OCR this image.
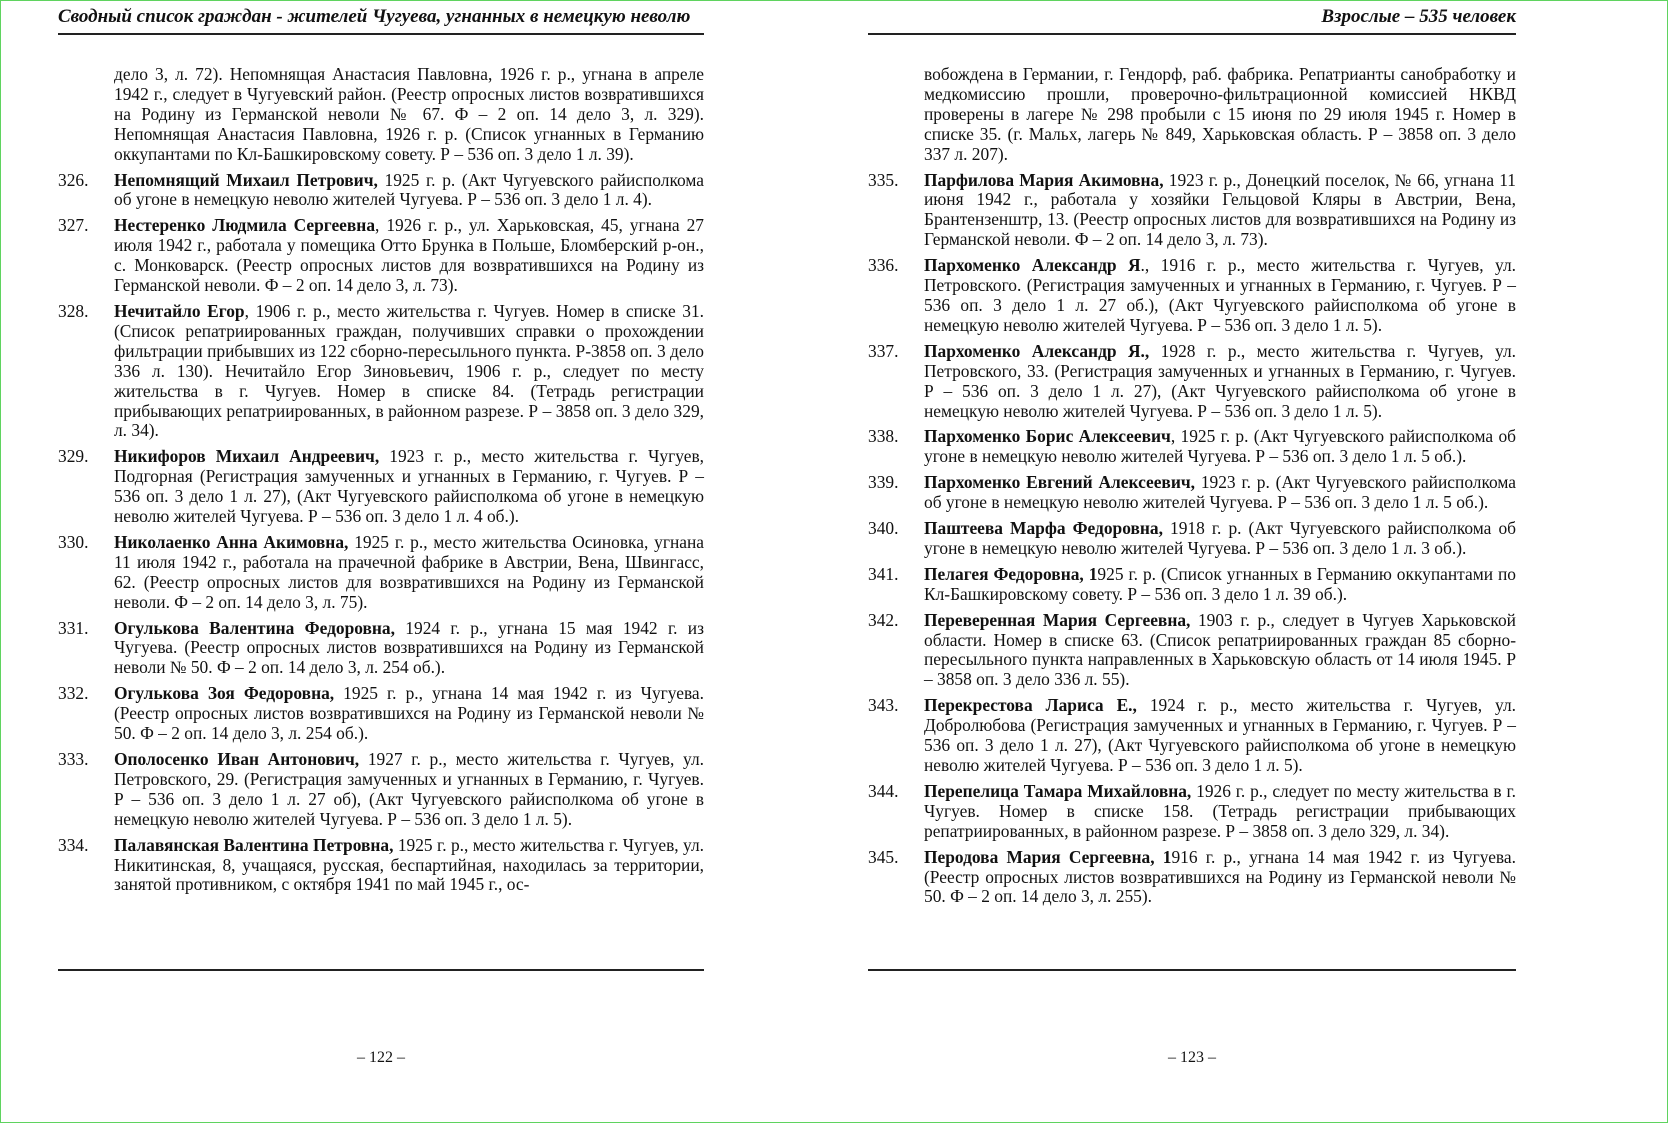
Сводный список граждан - жителей Чугуева, угнанных в немецкую неволю
дело 3, л. 72). Непомнящая Анастасия Павловна, 1926 г. р., угнана в апреле 1942 г., следует в Чугуевский район. (Реестр опросных листов возвратившихся на Родину из Германской неволи № 67. Ф – 2 оп. 14 дело 3, л. 329). Непомнящая Анастасия Павловна, 1926 г. р. (Список угнанных в Германию оккупантами по Кл-Башкировскому совету. Р – 536 оп. 3 дело 1 л. 39).
326.	Непомнящий Михаил Петрович, 1925 г. р. (Акт Чугуевского райисполкома об угоне в немецкую неволю жителей Чугуева. Р – 536 оп. 3 дело 1 л. 4).
327.	Нестеренко Людмила Сергеевна, 1926 г. р., ул. Харьковская, 45, угнана 27 июля 1942 г., работала у помещика Отто Брунка в Польше, Бломберский р-он., с. Монковарск. (Реестр опросных листов для возвратившихся на Родину из Германской неволи. Ф – 2 оп. 14 дело 3, л. 73).
328.	Нечитайло Егор, 1906 г. р., место жительства г. Чугуев. Номер в списке 31. (Список репатриированных граждан, получивших справки о прохождении фильтрации прибывших из 122 сборно-пересыльного пункта. Р-3858 оп. 3 дело 336 л. 130). Нечитайло Егор Зиновьевич, 1906 г. р., следует по месту жительства в г. Чугуев. Номер в списке 84. (Тетрадь регистрации прибывающих репатриированных, в районном разрезе. Р – 3858 оп. 3 дело 329, л. 34).
329.	Никифоров Михаил Андреевич, 1923 г. р., место жительства г. Чугуев, Подгорная (Регистрация замученных и угнанных в Германию, г. Чугуев. Р – 536 оп. 3 дело 1 л. 27), (Акт Чугуевского райисполкома об угоне в немецкую неволю жителей Чугуева. Р – 536 оп. 3 дело 1 л. 4 об.).
330.	Николаенко Анна Акимовна, 1925 г. р., место жительства Осиновка, угнана 11 июля 1942 г., работала на прачечной фабрике в Австрии, Вена, Швингасс, 62. (Реестр опросных листов для возвратившихся на Родину из Германской неволи. Ф – 2 оп. 14 дело 3, л. 75).
331.	Огулькова Валентина Федоровна, 1924 г. р., угнана 15 мая 1942 г. из Чугуева. (Реестр опросных листов возвратившихся на Родину из Германской неволи № 50. Ф – 2 оп. 14 дело 3, л. 254 об.).
332.	Огулькова Зоя Федоровна, 1925 г. р., угнана 14 мая 1942 г. из Чугуева. (Реестр опросных листов возвратившихся на Родину из Германской неволи № 50. Ф – 2 оп. 14 дело 3, л. 254 об.).
333.	Ополосенко Иван Антонович, 1927 г. р., место жительства г. Чугуев, ул. Петровского, 29. (Регистрация замученных и угнанных в Германию, г. Чугуев. Р – 536 оп. 3 дело 1 л. 27 об), (Акт Чугуевского райисполкома об угоне в немецкую неволю жителей Чугуева. Р – 536 оп. 3 дело 1 л. 5).
334.	Палавянская Валентина Петровна, 1925 г. р., место жительства г. Чугуев, ул. Никитинская, 8, учащаяся, русская, беспартийная, находилась за территории, занятой противником, с октября 1941 по май 1945 г., ос-
– 122 –
Взрослые – 535 человек
вобождена в Германии, г. Гендорф, раб. фабрика. Репатрианты санобработку и медкомиссию прошли, проверочно-фильтрационной комиссией НКВД проверены в лагере № 298 пробыли с 15 июня по 29 июля 1945 г. Номер в списке 35. (г. Мальх, лагерь № 849, Харьковская область. Р – 3858 оп. 3 дело 337 л. 207).
335.	Парфилова Мария Акимовна, 1923 г. р., Донецкий поселок, № 66, угнана 11 июня 1942 г., работала у хозяйки Гельцовой Кляры в Австрии, Вена, Брантензенштр, 13. (Реестр опросных листов для возвратившихся на Родину из Германской неволи. Ф – 2 оп. 14 дело 3, л. 73).
336.	Пархоменко Александр Я., 1916 г. р., место жительства г. Чугуев, ул. Петровского. (Регистрация замученных и угнанных в Германию, г. Чугуев. Р – 536 оп. 3 дело 1 л. 27 об.), (Акт Чугуевского райисполкома об угоне в немецкую неволю жителей Чугуева. Р – 536 оп. 3 дело 1 л. 5).
337.	Пархоменко Александр Я., 1928 г. р., место жительства г. Чугуев, ул. Петровского, 33. (Регистрация замученных и угнанных в Германию, г. Чугуев. Р – 536 оп. 3 дело 1 л. 27), (Акт Чугуевского райисполкома об угоне в немецкую неволю жителей Чугуева. Р – 536 оп. 3 дело 1 л. 5).
338.	Пархоменко Борис Алексеевич, 1925 г. р. (Акт Чугуевского райисполкома об угоне в немецкую неволю жителей Чугуева. Р – 536 оп. 3 дело 1 л. 5 об.).
339.	Пархоменко Евгений Алексеевич, 1923 г. р. (Акт Чугуевского райисполкома об угоне в немецкую неволю жителей Чугуева. Р – 536 оп. 3 дело 1 л. 5 об.).
340.	Паштеева Марфа Федоровна, 1918 г. р. (Акт Чугуевского райисполкома об угоне в немецкую неволю жителей Чугуева. Р – 536 оп. 3 дело 1 л. 3 об.).
341.	Пелагея Федоровна, 1925 г. р. (Список угнанных в Германию оккупантами по Кл-Башкировскому совету. Р – 536 оп. 3 дело 1 л. 39 об.).
342.	Переверенная Мария Сергеевна, 1903 г. р., следует в Чугуев Харьковской области. Номер в списке 63. (Список репатриированных граждан 85 сборно-пересыльного пункта направленных в Харьковскую область от 14 июля 1945. Р – 3858 оп. 3 дело 336 л. 55).
343.	Перекрестова Лариса Е., 1924 г. р., место жительства г. Чугуев, ул. Добролюбова (Регистрация замученных и угнанных в Германию, г. Чугуев. Р – 536 оп. 3 дело 1 л. 27), (Акт Чугуевского райисполкома об угоне в немецкую неволю жителей Чугуева. Р – 536 оп. 3 дело 1 л. 5).
344.	Перепелица Тамара Михайловна, 1926 г. р., следует по месту жительства в г. Чугуев. Номер в списке 158. (Тетрадь регистрации прибывающих репатриированных, в районном разрезе. Р – 3858 оп. 3 дело 329, л. 34).
345.	Перодова Мария Сергеевна, 1916 г. р., угнана 14 мая 1942 г. из Чугуева. (Реестр опросных листов возвратившихся на Родину из Германской неволи № 50. Ф – 2 оп. 14 дело 3, л. 255).
– 123 –
